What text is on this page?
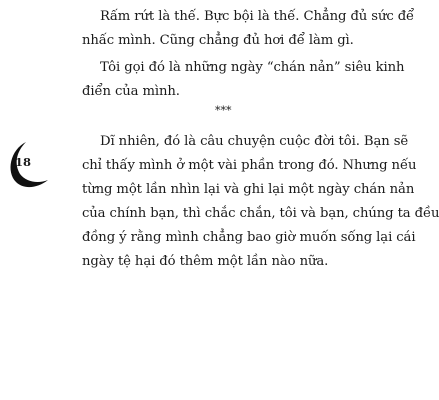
Rấm rứt là thế. Bực bội là thế. Chẳng đủ sức để
nhấc mình. Cũng chẳng đủ hơi để làm gì.
Tôi gọi đó là những ngày “chán nản” siêu kinh
điển của mình.
***
Dĩ nhiên, đó là câu chuyện cuộc đời tôi. Bạn sẽ
chỉ thấy mình ở một vài phần trong đó. Nhưng nếu
từng một lần nhìn lại và ghi lại một ngày chán nản
của chính bạn, thì chắc chắn, tôi và bạn, chúng ta đều
đồng ý rằng mình chẳng bao giờ muốn sống lại cái
ngày tệ hại đó thêm một lần nào nữa.
18
